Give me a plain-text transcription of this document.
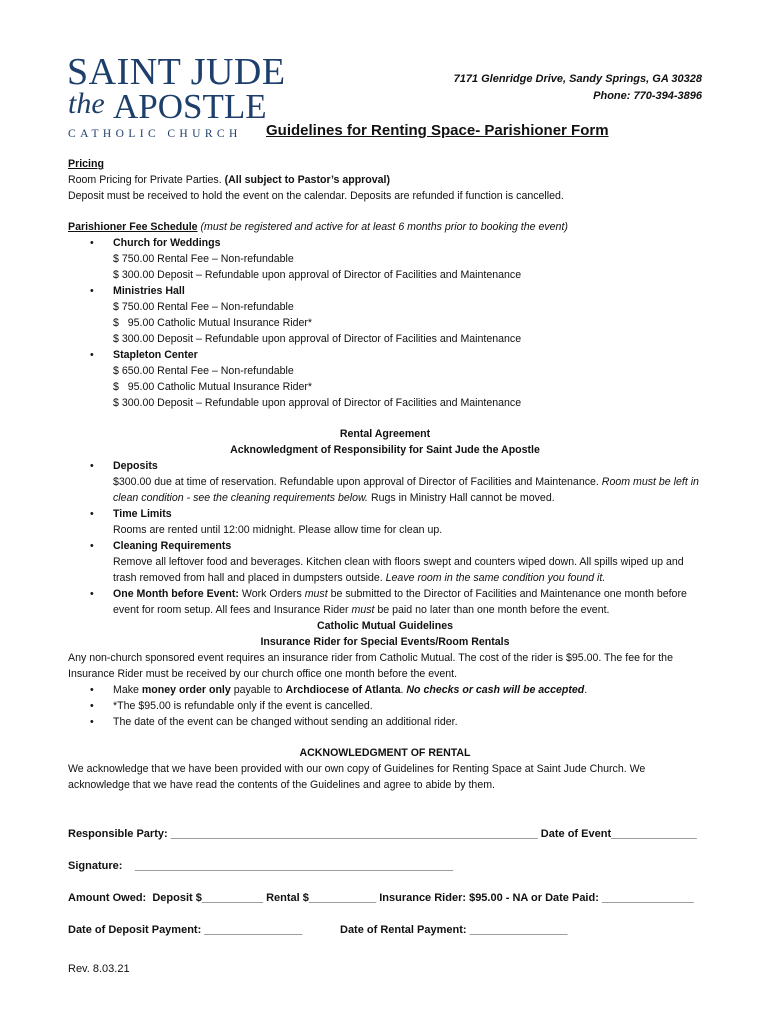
SAINT JUDE
the APOSTLE
CATHOLIC CHURCH
7171 Glenridge Drive, Sandy Springs, GA 30328
Phone: 770-394-3896
Guidelines for Renting Space- Parishioner Form
Pricing
Room Pricing for Private Parties. (All subject to Pastor’s approval)
Deposit must be received to hold the event on the calendar. Deposits are refunded if function is cancelled.
Parishioner Fee Schedule (must be registered and active for at least 6 months prior to booking the event)
• Church for Weddings
$ 750.00 Rental Fee – Non-refundable
$ 300.00 Deposit – Refundable upon approval of Director of Facilities and Maintenance
• Ministries Hall
$ 750.00 Rental Fee – Non-refundable
$   95.00 Catholic Mutual Insurance Rider*
$ 300.00 Deposit – Refundable upon approval of Director of Facilities and Maintenance
• Stapleton Center
$ 650.00 Rental Fee – Non-refundable
$   95.00 Catholic Mutual Insurance Rider*
$ 300.00 Deposit – Refundable upon approval of Director of Facilities and Maintenance
Rental Agreement
Acknowledgment of Responsibility for Saint Jude the Apostle
• Deposits
$300.00 due at time of reservation. Refundable upon approval of Director of Facilities and Maintenance. Room must be left in clean condition - see the cleaning requirements below. Rugs in Ministry Hall cannot be moved.
• Time Limits
Rooms are rented until 12:00 midnight. Please allow time for clean up.
• Cleaning Requirements
Remove all leftover food and beverages. Kitchen clean with floors swept and counters wiped down. All spills wiped up and trash removed from hall and placed in dumpsters outside. Leave room in the same condition you found it.
• One Month before Event: Work Orders must be submitted to the Director of Facilities and Maintenance one month before event for room setup. All fees and Insurance Rider must be paid no later than one month before the event.
Catholic Mutual Guidelines
Insurance Rider for Special Events/Room Rentals
Any non-church sponsored event requires an insurance rider from Catholic Mutual. The cost of the rider is $95.00. The fee for the Insurance Rider must be received by our church office one month before the event.
• Make money order only payable to Archdiocese of Atlanta. No checks or cash will be accepted.
• *The $95.00 is refundable only if the event is cancelled.
• The date of the event can be changed without sending an additional rider.
ACKNOWLEDGMENT OF RENTAL
We acknowledge that we have been provided with our own copy of Guidelines for Renting Space at Saint Jude Church. We acknowledge that we have read the contents of the Guidelines and agree to abide by them.
Responsible Party: ____________________________________________________________ Date of Event______________
Signature: ____________________________________________________
Amount Owed:  Deposit $__________ Rental $___________ Insurance Rider: $95.00 - NA or Date Paid: _______________
Date of Deposit Payment: ________________	Date of Rental Payment: ________________
Rev. 8.03.21
